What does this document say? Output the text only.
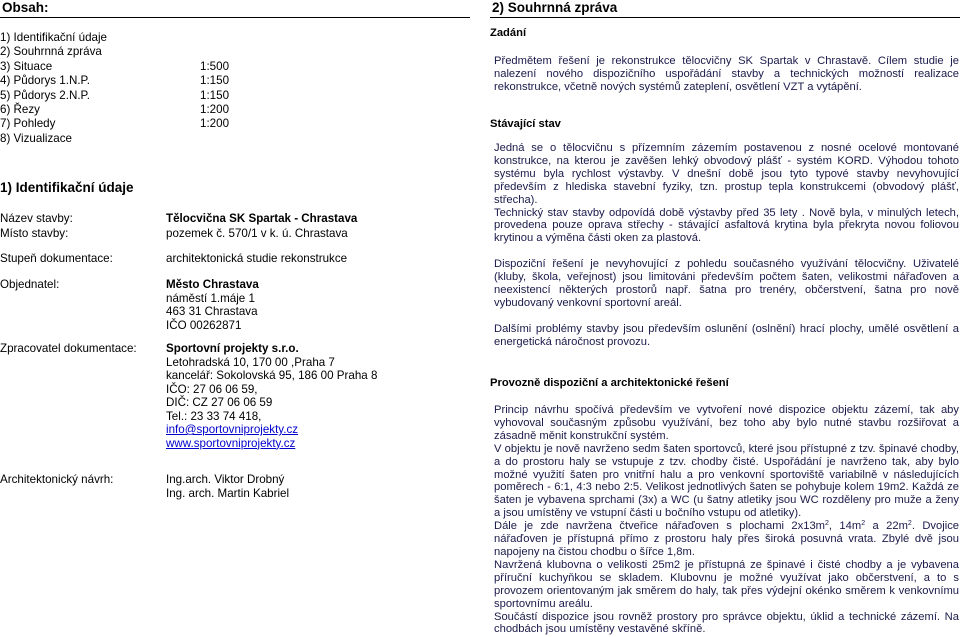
Obsah:
1) Identifikační údaje
2) Souhrnná zpráva
3) Situace	1:500
4) Půdorys 1.N.P.	1:150
5) Půdorys 2.N.P.	1:150
6) Řezy	1:200
7) Pohledy	1:200
8) Vizualizace
1) Identifikační údaje
Název stavby:	Tělocvična SK Spartak - Chrastava
Místo stavby:	pozemek č. 570/1 v k. ú. Chrastava
Stupeň dokumentace:	architektonická studie rekonstrukce
Objednatel:	Město Chrastava
náměstí 1.máje 1
463 31 Chrastava
IČO 00262871
Zpracovatel dokumentace:	Sportovní projekty s.r.o.
Letohradská 10, 170 00 ,Praha 7
kancelář: Sokolovská 95, 186 00 Praha 8
IČO: 27 06 06 59,
DIČ: CZ 27 06 06 59
Tel.: 23 33 74 418,
info@sportovniprojekty.cz
www.sportovniprojekty.cz
Architektonický návrh:	Ing.arch. Viktor Drobný
Ing. arch. Martin Kabriel
2) Souhrnná zpráva
Zadání

Předmětem řešení je rekonstrukce tělocvičny SK Spartak v Chrastavě. Cílem studie je nalezení nového dispozičního uspořádání stavby a technických možností realizace rekonstrukce, včetně nových systémů zateplení, osvětlení VZT a vytápění.

Stávající stav

Jedná se o tělocvičnu s přízemním zázemím postavenou z nosné ocelové montované konstrukce, na kterou je zavěšen lehký obvodový plášť - systém KORD. Výhodou tohoto systému byla rychlost výstavby. V dnešní době jsou tyto typové stavby nevyhovující především z hlediska stavební fyziky, tzn. prostup tepla konstrukcemi (obvodový plášť, střecha).

Technický stav stavby odpovídá době výstavby před 35 lety . Nově byla, v minulých letech, provedena pouze oprava střechy - stávající asfaltová krytina byla překryta novou foliovou krytinou a výměna části oken za plastová.

Dispoziční řešení je nevyhovující z pohledu současného využívání tělocvičny. Uživatelé (kluby, škola, veřejnost) jsou limitováni především počtem šaten, velikostmi nářaďoven a neexistencí některých prostorů např. šatna pro trenéry, občerstvení, šatna pro nově vybudovaný venkovní sportovní areál.

Dalšími problémy stavby jsou především oslunění (oslnění) hrací plochy, umělé osvětlení a energetická náročnost provozu.

Provozně dispoziční a architektonické řešení

Princip návrhu spočívá především ve vytvoření nové dispozice objektu zázemí, tak aby vyhovoval současným způsobu využívání, bez toho aby bylo nutné stavbu rozšiřovat a zásadně měnit konstrukční systém.

V objektu je nově navrženo sedm šaten sportovců, které jsou přístupné z tzv. špinavé chodby, a do prostoru haly se vstupuje z tzv. chodby čisté. Uspořádání je navrženo tak, aby bylo možné využití šaten pro vnitřní halu a pro venkovní sportoviště variabilně v následujících poměrech - 6:1, 4:3 nebo 2:5. Velikost jednotlivých šaten se pohybuje kolem 19m2. Každá ze šaten je vybavena sprchami (3x) a WC (u šatny atletiky jsou WC rozděleny pro muže a ženy a jsou umístěny ve vstupní části u bočního vstupu od atletiky).

Dále je zde navržena čtveřice nářaďoven s plochami $2x13m^2$, $14m^2$ a $22m^2$. Dvojice nářaďoven je přístupná přímo z prostoru haly přes široká posuvná vrata. Zbylé dvě jsou napojeny na čistou chodbu o šířce 1,8m.

Navržená klubovna o velikosti 25m2 je přístupná ze špinavé i čisté chodby a je vybavena příruční kuchyňkou se skladem. Klubovnu je možné využívat jako občerstvení, a to s provozem orientovaným jak směrem do haly, tak přes výdejní okénko směrem k venkovnímu sportovnímu areálu.

Součástí dispozice jsou rovněž prostory pro správce objektu, úklid a technické zázemí. Na chodbách jsou umístěny vestavěné skříně.
